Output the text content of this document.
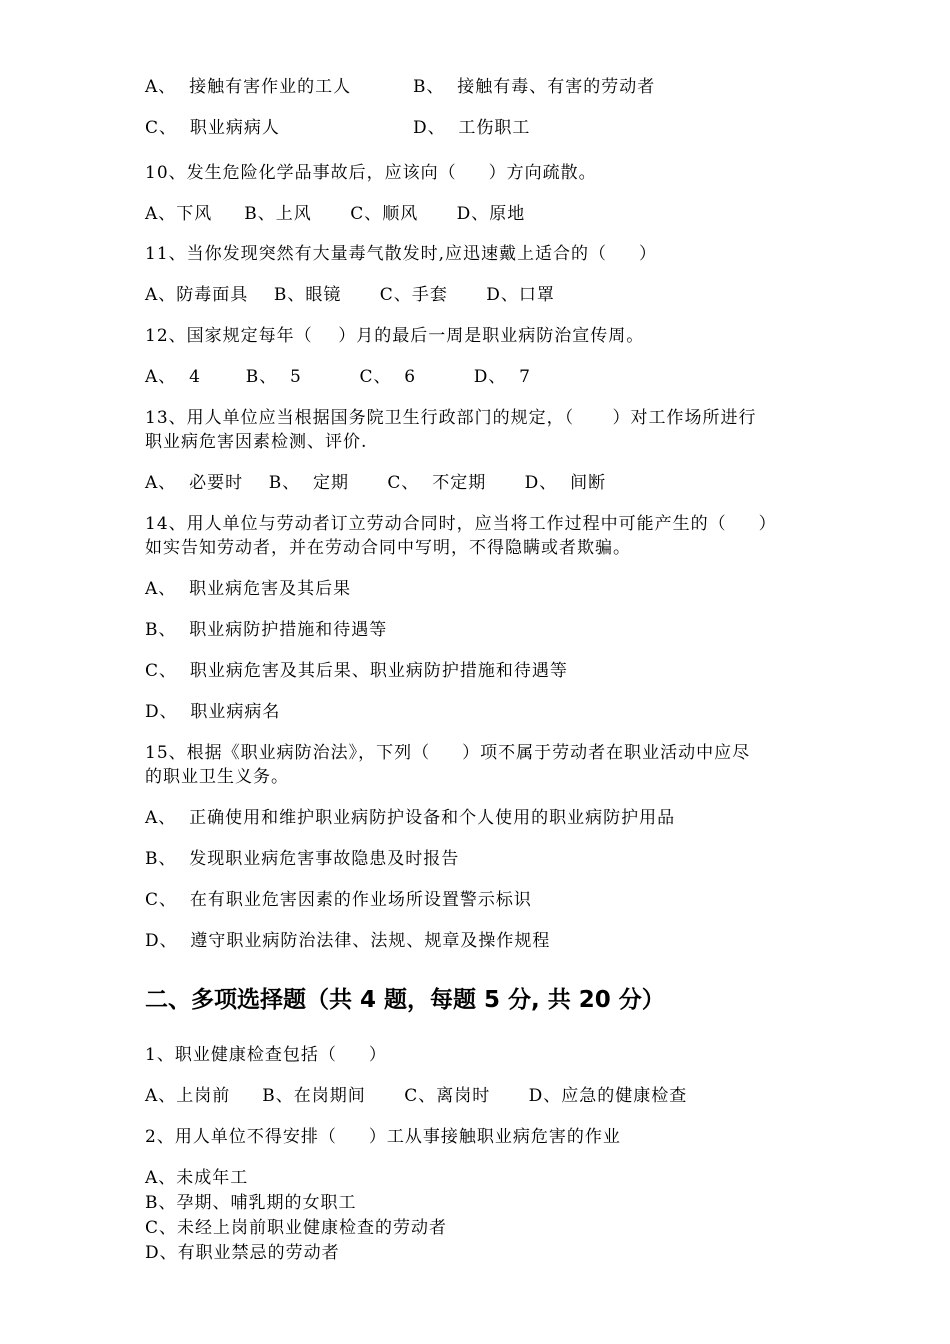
A、  接触有害作业的工人	B、  接触有毒、有害的劳动者
C、  职业病病人	D、  工伤职工
10、发生危险化学品事故后，应该向（     ）方向疏散。
A、下风     B、上风      C、顺风      D、原地
11、当你发现突然有大量毒气散发时,应迅速戴上适合的（     ）
A、防毒面具    B、眼镜      C、手套      D、口罩
12、国家规定每年（    ）月的最后一周是职业病防治宣传周。
A、  4       B、  5         C、  6         D、  7
13、用人单位应当根据国务院卫生行政部门的规定，（      ）对工作场所进行
职业病危害因素检测、评价.
A、  必要时    B、  定期      C、  不定期      D、  间断
14、用人单位与劳动者订立劳动合同时，应当将工作过程中可能产生的（     ）
如实告知劳动者，并在劳动合同中写明，不得隐瞒或者欺骗。
A、  职业病危害及其后果
B、  职业病防护措施和待遇等
C、  职业病危害及其后果、职业病防护措施和待遇等
D、  职业病病名
15、根据《职业病防治法》，下列（     ）项不属于劳动者在职业活动中应尽
的职业卫生义务。
A、  正确使用和维护职业病防护设备和个人使用的职业病防护用品
B、  发现职业病危害事故隐患及时报告
C、  在有职业危害因素的作业场所设置警示标识
D、  遵守职业病防治法律、法规、规章及操作规程
二、多项选择题（共 4 题，每题 5 分, 共 20 分）
1、职业健康检查包括（     ）
A、上岗前     B、在岗期间      C、离岗时      D、应急的健康检查
2、用人单位不得安排（     ）工从事接触职业病危害的作业
A、未成年工
B、孕期、哺乳期的女职工
C、未经上岗前职业健康检查的劳动者
D、有职业禁忌的劳动者
